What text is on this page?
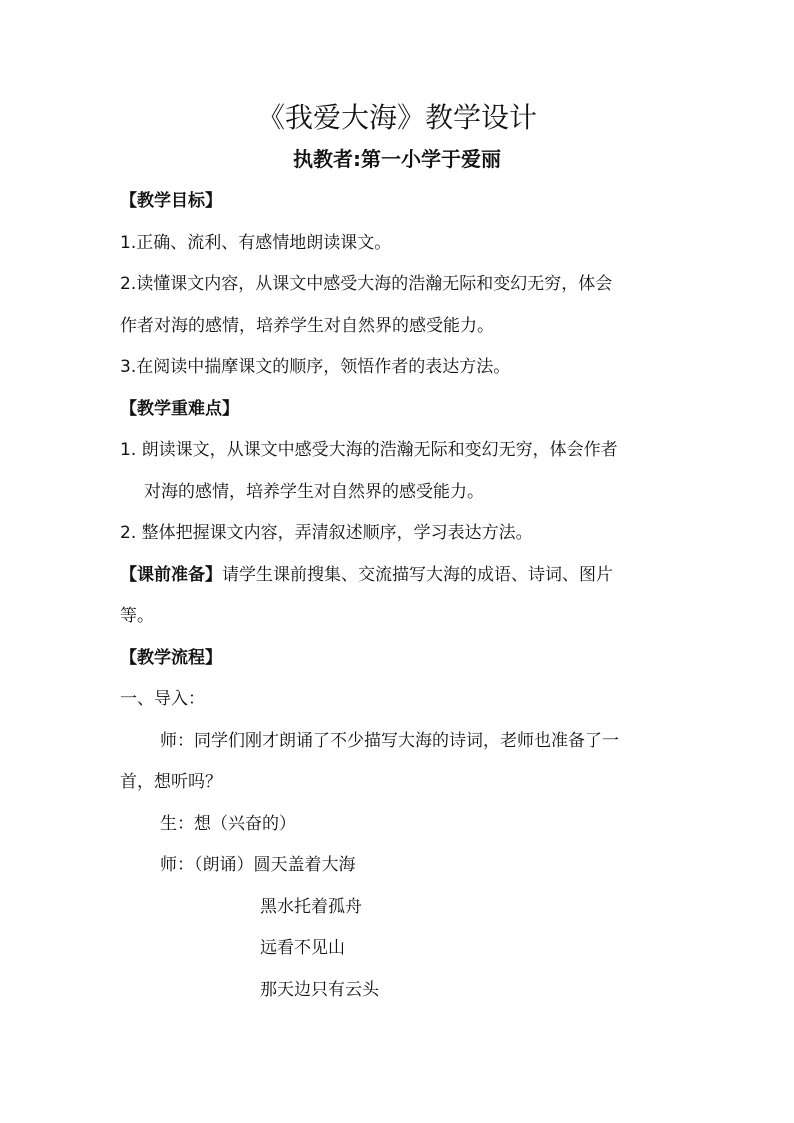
《我爱大海》教学设计
执教者:第一小学于爱丽
【教学目标】
1.正确、流利、有感情地朗读课文。
2.读懂课文内容，从课文中感受大海的浩瀚无际和变幻无穷，体会
作者对海的感情，培养学生对自然界的感受能力。
3.在阅读中揣摩课文的顺序，领悟作者的表达方法。
【教学重难点】
1. 朗读课文，从课文中感受大海的浩瀚无际和变幻无穷，体会作者
对海的感情，培养学生对自然界的感受能力。
2. 整体把握课文内容，弄清叙述顺序，学习表达方法。
【课前准备】请学生课前搜集、交流描写大海的成语、诗词、图片
等。
【教学流程】
一、导入：
师：同学们刚才朗诵了不少描写大海的诗词，老师也准备了一
首，想听吗？
生：想（兴奋的）
师：（朗诵）圆天盖着大海
黑水托着孤舟
远看不见山
那天边只有云头
